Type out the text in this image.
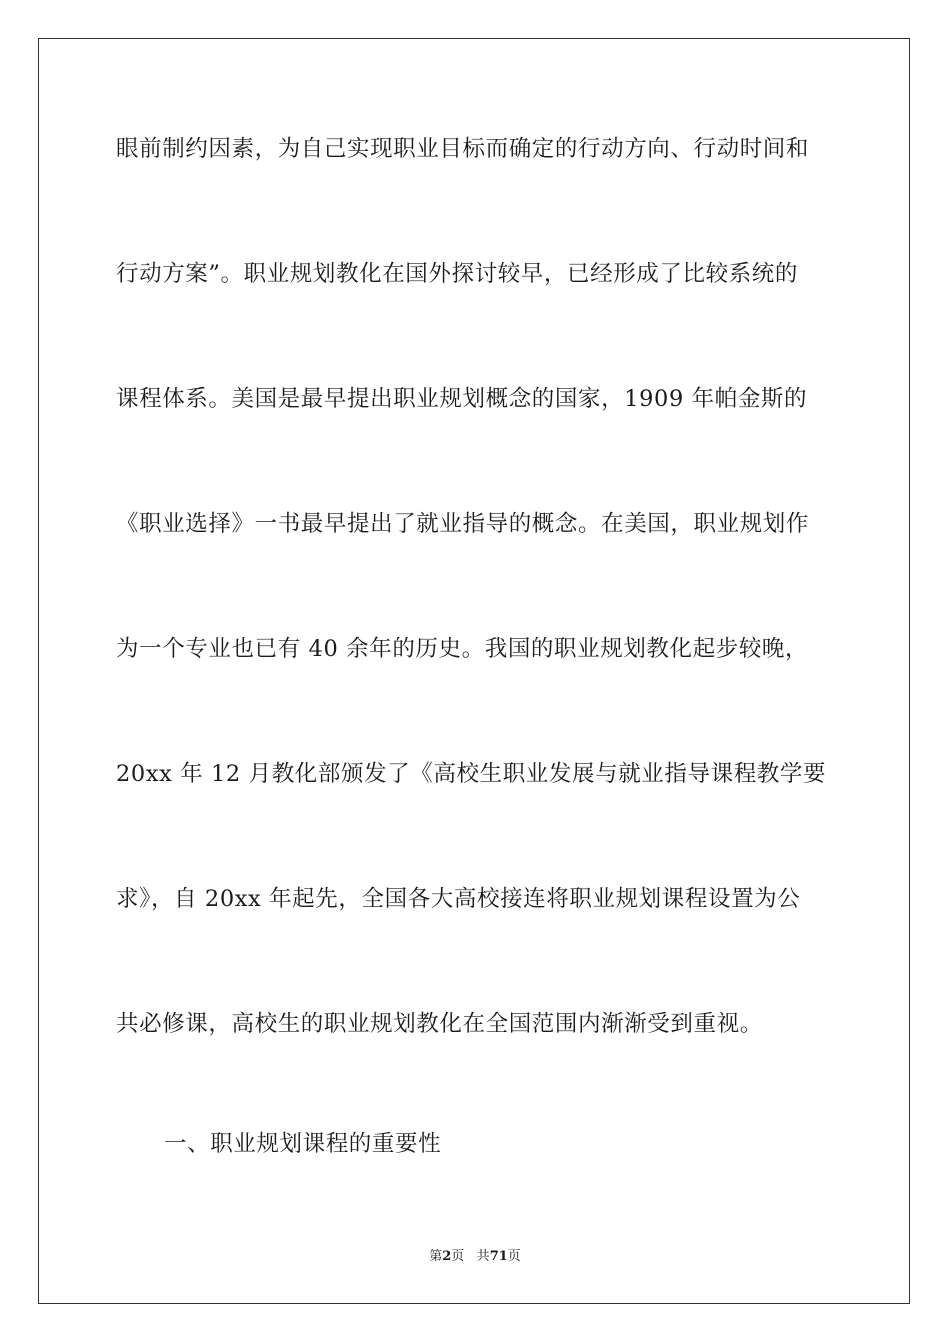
眼前制约因素，为自己实现职业目标而确定的行动方向、行动时间和
行动方案”。职业规划教化在国外探讨较早，已经形成了比较系统的
课程体系。美国是最早提出职业规划概念的国家，1909 年帕金斯的
《职业选择》一书最早提出了就业指导的概念。在美国，职业规划作
为一个专业也已有 40 余年的历史。我国的职业规划教化起步较晚，
20xx 年 12 月教化部颁发了《高校生职业发展与就业指导课程教学要
求》，自 20xx 年起先，全国各大高校接连将职业规划课程设置为公
共必修课，高校生的职业规划教化在全国范围内渐渐受到重视。
一、职业规划课程的重要性
第2页 共71页
